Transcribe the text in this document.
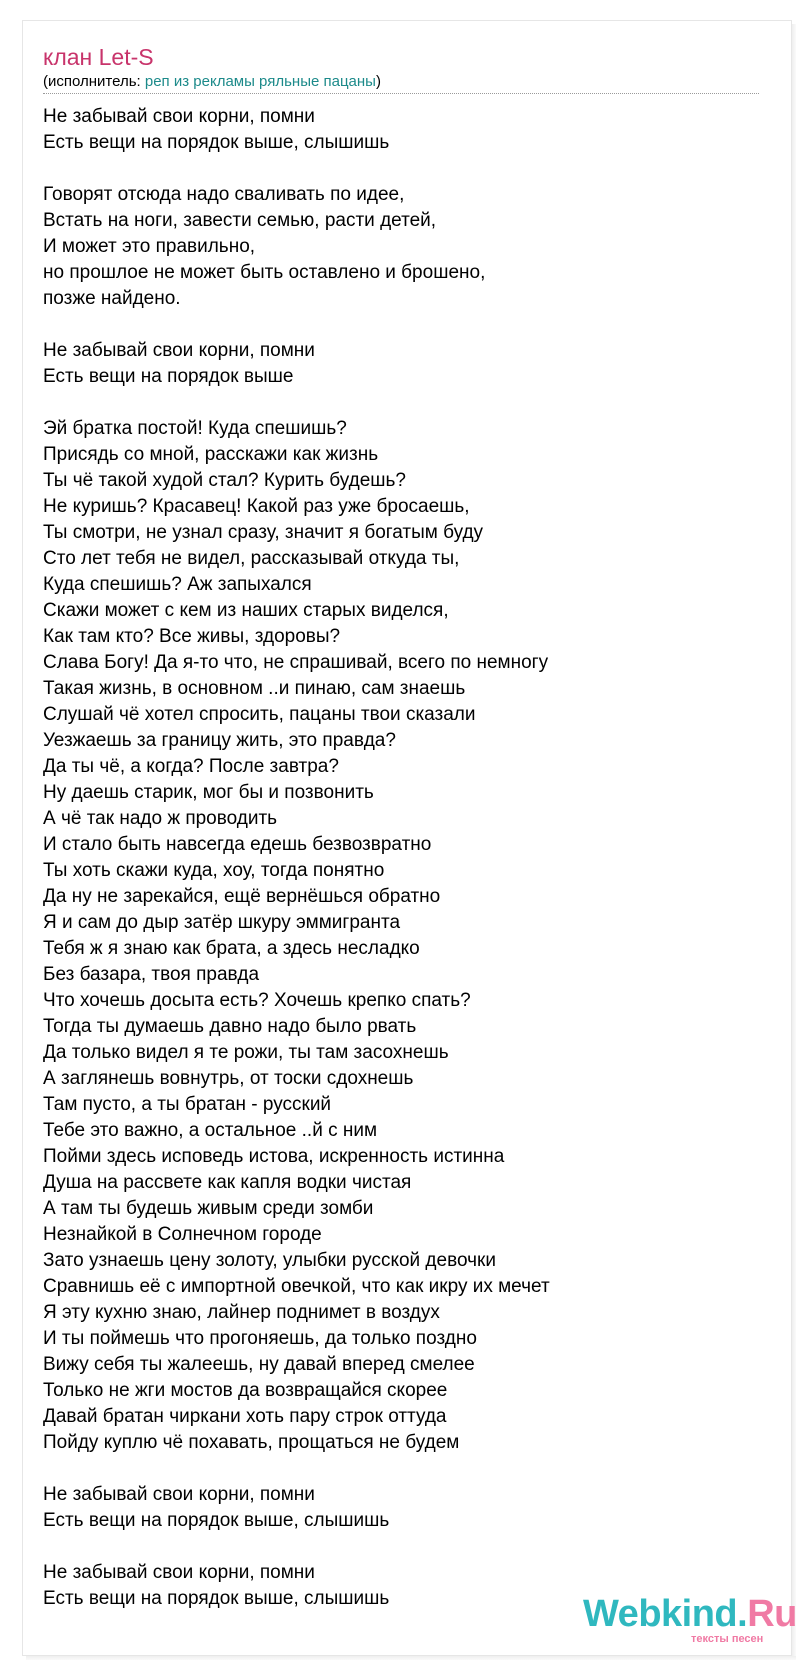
клан Let-S
(исполнитель: реп из рекламы ряльные пацаны)
Не забывай свои корни, помни
Есть вещи на порядок выше, слышишь
Говорят отсюда надо сваливать по идее,
Встать на ноги, завести семью, расти детей,
И может это правильно,
но прошлое не может быть оставлено и брошено,
позже найдено.
Не забывай свои корни, помни
Есть вещи на порядок выше
Эй братка постой! Куда спешишь?
Присядь со мной, расскажи как жизнь
Ты чё такой худой стал? Курить будешь?
Не куришь? Красавец! Какой раз уже бросаешь,
Ты смотри, не узнал сразу, значит я богатым буду
Сто лет тебя не видел, рассказывай откуда ты,
Куда спешишь? Аж запыхался
Скажи может с кем из наших старых виделся,
Как там кто? Все живы, здоровы?
Слава Богу! Да я-то что, не спрашивай, всего по немногу
Такая жизнь, в основном ..и пинаю, сам знаешь
Слушай чё хотел спросить, пацаны твои сказали
Уезжаешь за границу жить, это правда?
Да ты чё, а когда? После завтра?
Ну даешь старик, мог бы и позвонить
А чё так надо ж проводить
И стало быть навсегда едешь безвозвратно
Ты хоть скажи куда, хоу, тогда понятно
Да ну не зарекайся, ещё вернёшься обратно
Я и сам до дыр затёр шкуру эммигранта
Тебя ж я знаю как брата, а здесь несладко
Без базара, твоя правда
Что хочешь досыта есть? Хочешь крепко спать?
Тогда ты думаешь давно надо было рвать
Да только видел я те рожи, ты там засохнешь
А заглянешь вовнутрь, от тоски сдохнешь
Там пусто, а ты братан - русский
Тебе это важно, а остальное ..й с ним
Пойми здесь исповедь истова, искренность истинна
Душа на рассвете как капля водки чистая
А там ты будешь живым среди зомби
Незнайкой в Солнечном городе
Зато узнаешь цену золоту, улыбки русской девочки
Сравнишь её с импортной овечкой, что как икру их мечет
Я эту кухню знаю, лайнер поднимет в воздух
И ты поймешь что прогоняешь, да только поздно
Вижу себя ты жалеешь, ну давай вперед смелее
Только не жги мостов да возвращайся скорее
Давай братан чиркани хоть пару строк оттуда
Пойду куплю чё похавать, прощаться не будем
Не забывай свои корни, помни
Есть вещи на порядок выше, слышишь
Не забывай свои корни, помни
Есть вещи на порядок выше, слышишь	Webkind.Ru
тексты песен
